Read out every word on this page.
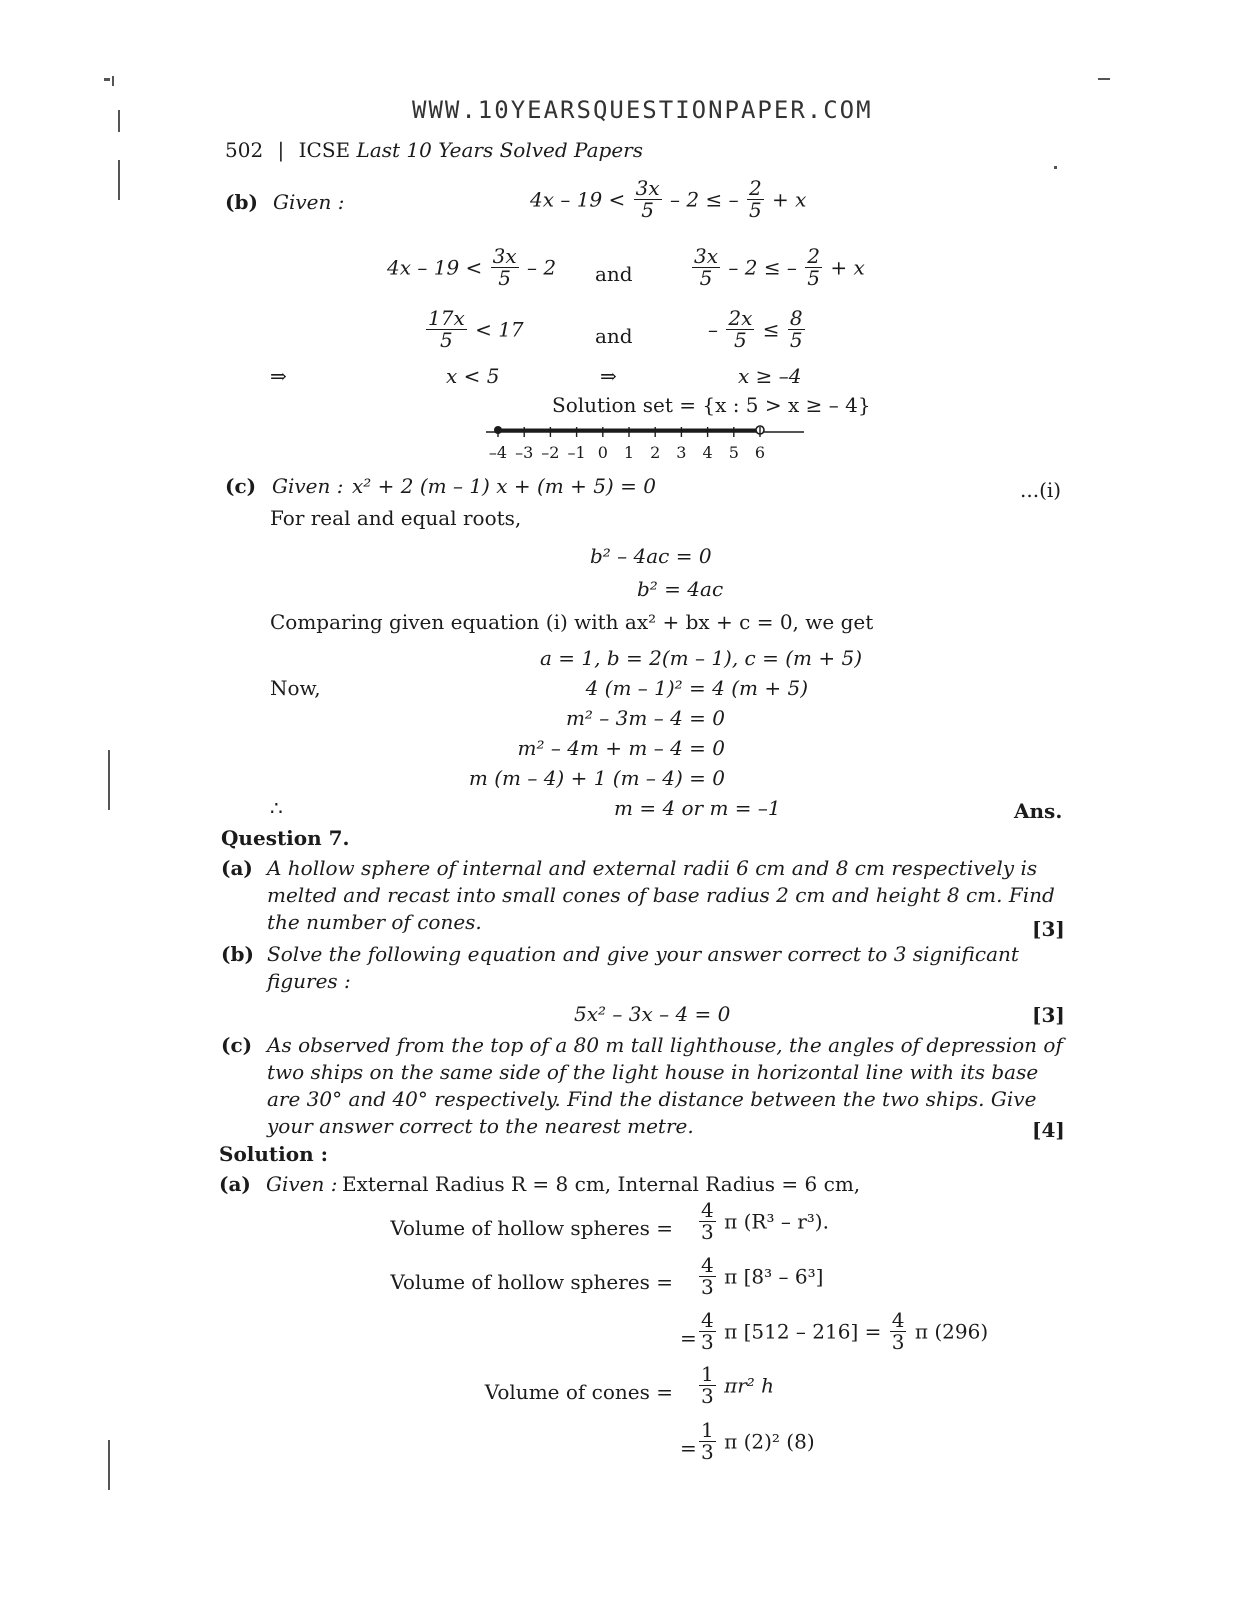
WWW.10YEARSQUESTIONPAPER.COM
502 | ICSE Last 10 Years Solved Papers
(b) Given :	$4x - 19 < \frac{3x}{5} - 2$ ≤ – $\frac{2}{5} + x$
$4x - 19 < \frac{3x}{5} - 2$ and	$\frac{3x}{5} - 2$ ≤ – $\frac{2}{5} + x$
$\frac{17x}{5} < 17$	and	– $\frac{2x}{5} \le \frac{8}{5}$
⇒	x < 5	⇒	x ≥ –4
Solution set = {x : 5 > x ≥ – 4}
–4 –3 –2 –1 0 1 2 3 4 5 6
(c) Given : x² + 2 (m – 1) x + (m + 5) = 0	...(i)
For real and equal roots,
b² – 4ac = 0
b² = 4ac
Comparing given equation (i) with ax² + bx + c = 0, we get
a = 1, b = 2(m – 1), c = (m + 5)
Now,	4 (m – 1)² = 4 (m + 5)
m² – 3m – 4 = 0
m² – 4m + m – 4 = 0
m (m – 4) + 1 (m – 4) = 0
∴	m = 4 or m = –1	Ans.
Question 7.
(a) A hollow sphere of internal and external radii 6 cm and 8 cm respectively is melted and recast into small cones of base radius 2 cm and height 8 cm. Find the number of cones.	[3]
(b) Solve the following equation and give your answer correct to 3 significant figures :
5x² – 3x – 4 = 0	[3]
(c) As observed from the top of a 80 m tall lighthouse, the angles of depression of two ships on the same side of the light house in horizontal line with its base are 30° and 40° respectively. Find the distance between the two ships. Give your answer correct to the nearest metre.	[4]
Solution :
(a) Given : External Radius R = 8 cm, Internal Radius = 6 cm,
Volume of hollow spheres = $\frac{4}{3}$ π (R³ – r³).
Volume of hollow spheres = $\frac{4}{3}$ π [8³ – 6³]
= $\frac{4}{3}$ π $[512 - 216] = \frac{4}{3}$ π (296)
Volume of cones = $\frac{1}{3} \pi r^2$ h
= $\frac{1}{3}$ π (2)² (8)
